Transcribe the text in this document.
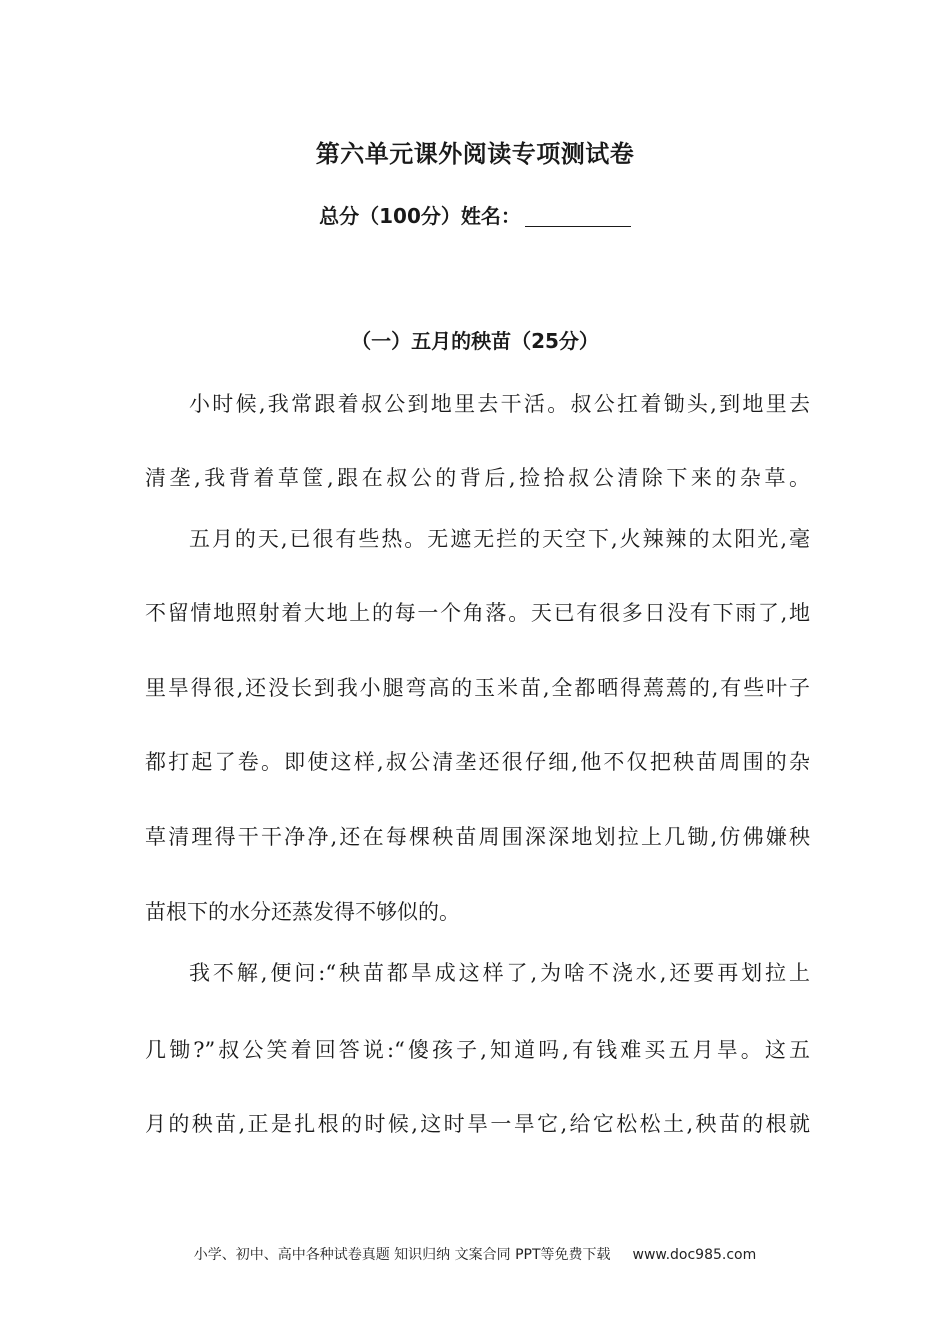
第六单元课外阅读专项测试卷
总分（100分）姓名：
（一）五月的秧苗（25分）
小时候,我常跟着叔公到地里去干活。叔公扛着锄头,到地里去
清垄,我背着草筐,跟在叔公的背后,捡拾叔公清除下来的杂草。
五月的天,已很有些热。无遮无拦的天空下,火辣辣的太阳光,毫
不留情地照射着大地上的每一个角落。天已有很多日没有下雨了,地
里旱得很,还没长到我小腿弯高的玉米苗,全都晒得蔫蔫的,有些叶子
都打起了卷。即使这样,叔公清垄还很仔细,他不仅把秧苗周围的杂
草清理得干干净净,还在每棵秧苗周围深深地划拉上几锄,仿佛嫌秧
苗根下的水分还蒸发得不够似的。
我不解,便问:“秧苗都旱成这样了,为啥不浇水,还要再划拉上
几锄?”叔公笑着回答说:“傻孩子,知道吗,有钱难买五月旱。这五
月的秧苗,正是扎根的时候,这时旱一旱它,给它松松土,秧苗的根就
小学、初中、高中各种试卷真题 知识归纳 文案合同 PPT等免费下载 www.doc985.com
